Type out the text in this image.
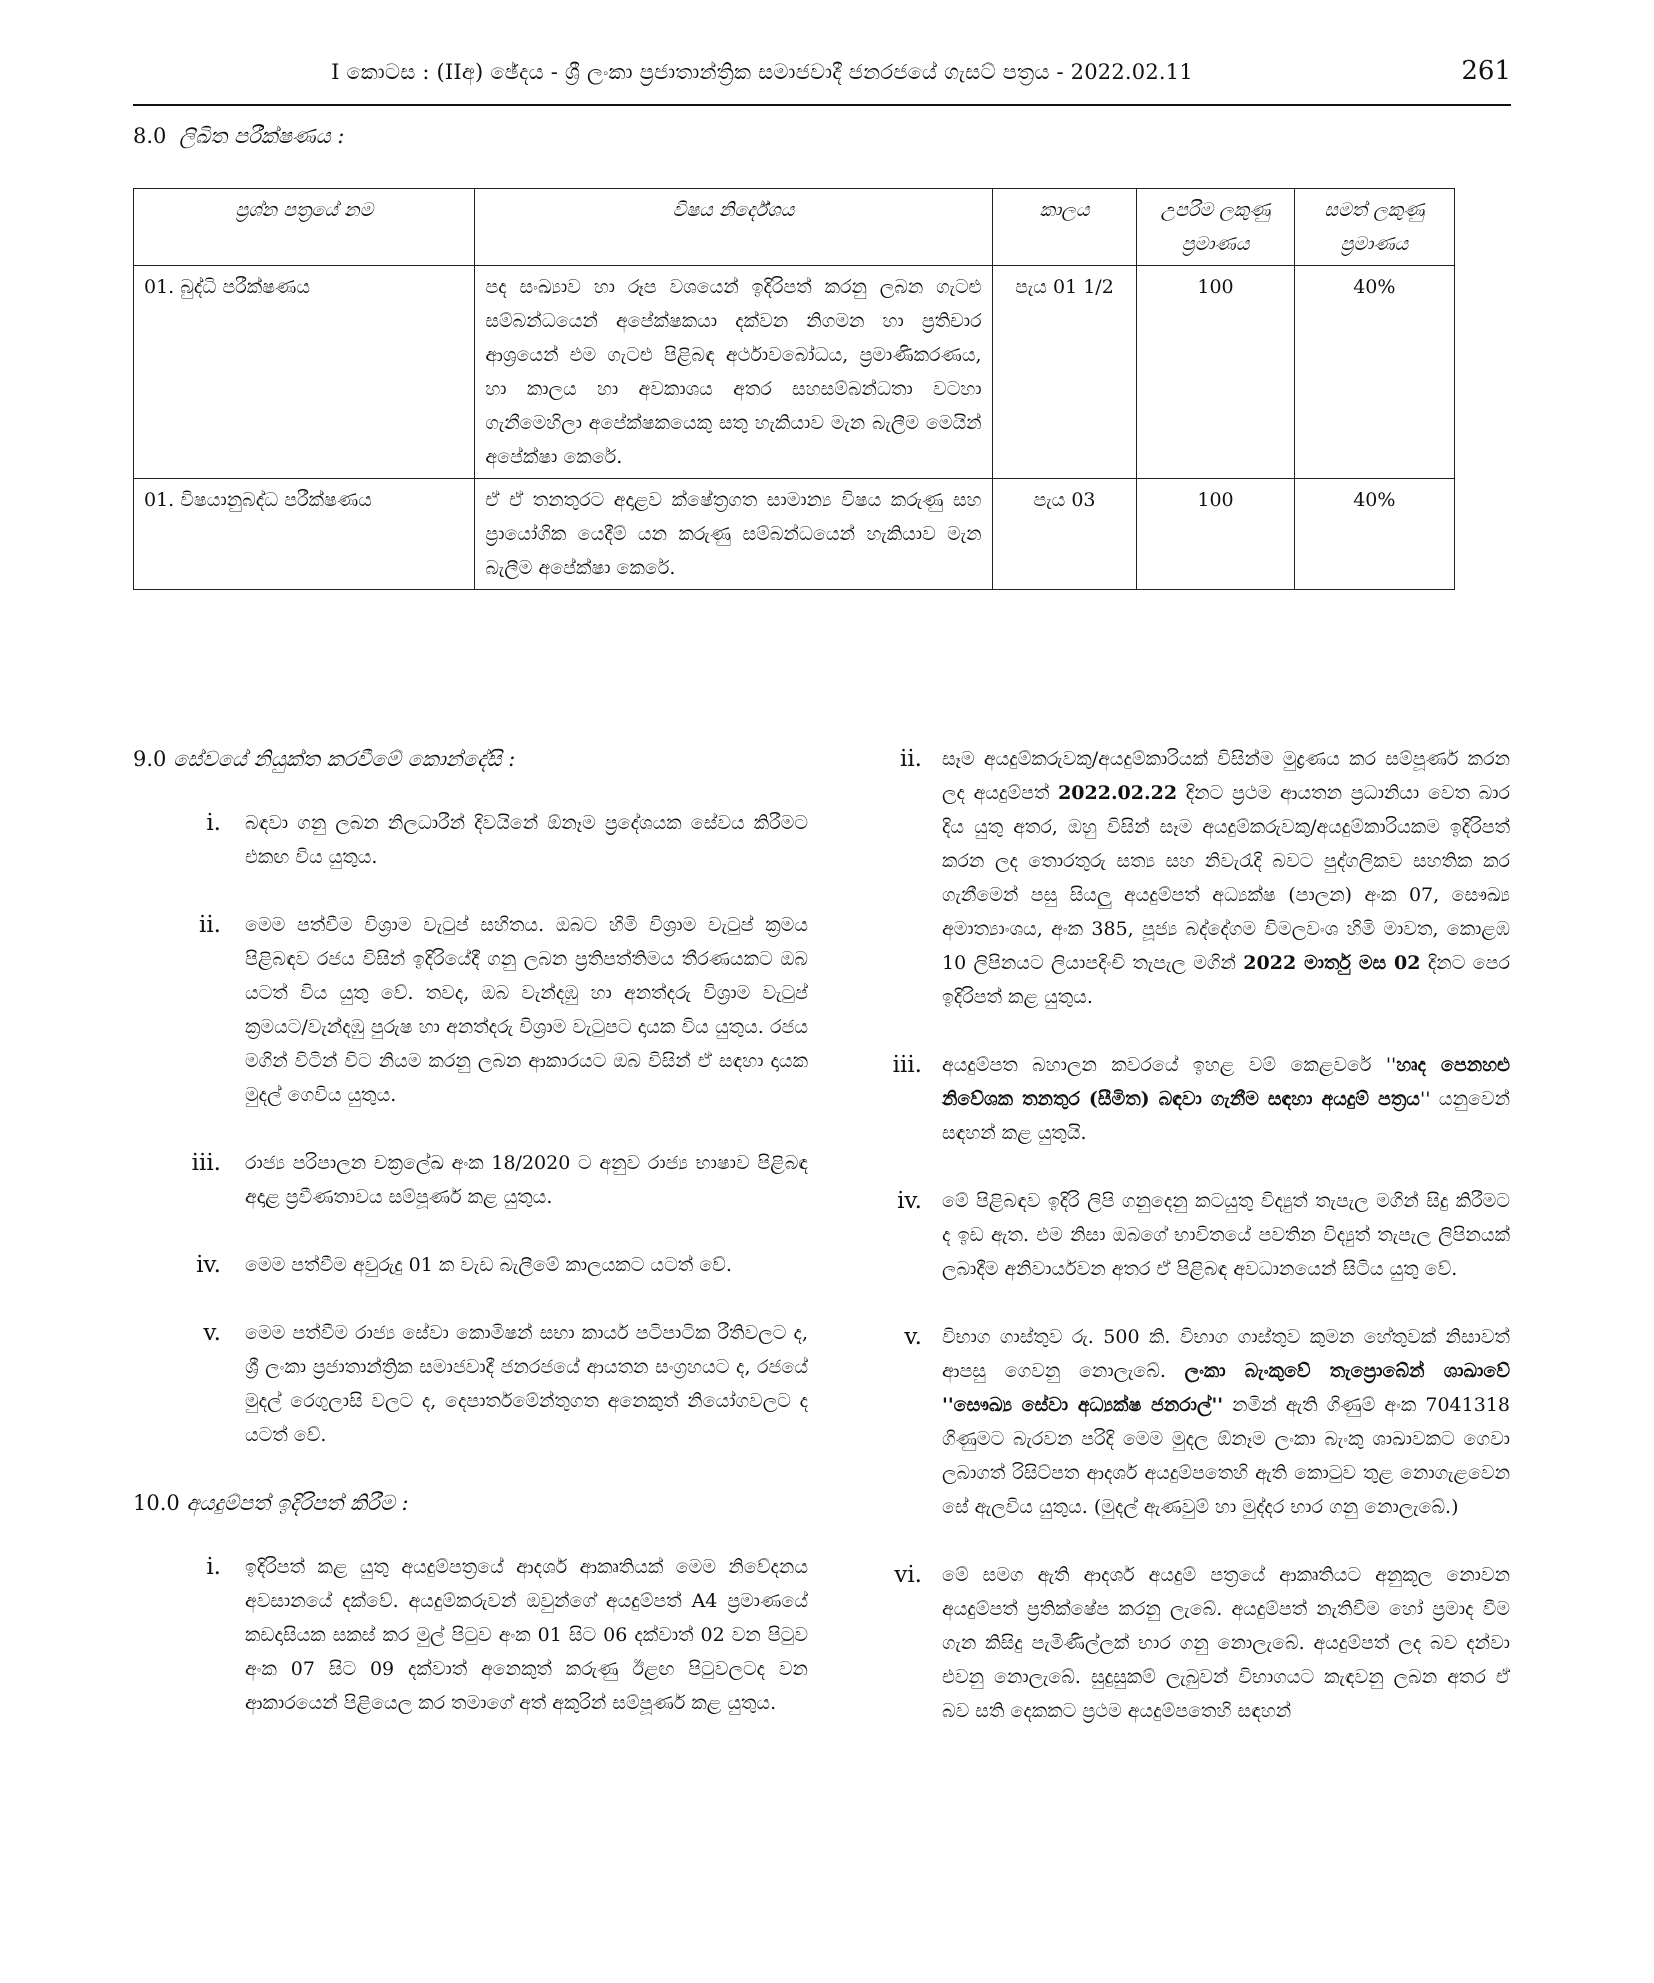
I කොටස : (IIඅ) ඡේදය - ශ්‍රී ලංකා ප්‍රජාතාන්ත්‍රික සමාජවාදී ජනරජයේ ගැසට් පත්‍රය - 2022.02.11	261
8.0 ලිඛිත පරීක්ෂණය :
ප්‍රශ්න පත්‍රයේ නම	විෂය නිර්දේශය	කාලය	උපරිම ලකුණු ප්‍රමාණය	සමත් ලකුණු ප්‍රමාණය
01. බුද්ධි පරීක්ෂණය	පද සංඛ්‍යාව හා රූප වශයෙන් ඉදිරිපත් කරනු ලබන ගැටළු සම්බන්ධයෙන් අපේක්ෂකයා දක්වන නිගමන හා ප්‍රතිචාර ආශ්‍රයෙන් එම ගැටළු පිළිබඳ අර්ථාවබෝධය, ප්‍රමාණිකරණය, හා කාලය හා අවකාශය අතර සහසම්බන්ධතා වටහා ගැනීමෙහිලා අපේක්ෂකයෙකු සතු හැකියාව මැන බැලීම මෙයින් අපේක්ෂා කෙරේ.	පැය 01 1/2	100	40%
01. විෂයානුබද්ධ පරීක්ෂණය	ඒ ඒ තනතුරට අදාළව ක්ෂේත්‍රගත සාමාන්‍ය විෂය කරුණු සහ ප්‍රායෝගික යෙදීම් යන කරුණු සම්බන්ධයෙන් හැකියාව මැන බැලීම අපේක්ෂා කෙරේ.	පැය 03	100	40%
9.0 සේවයේ නියුක්ත කරවීමේ කොන්දේසි :
i. බඳවා ගනු ලබන නිලධාරීන් දිවයිනේ ඕනෑම ප්‍රදේශයක සේවය කිරීමට එකඟ විය යුතුය.
ii. මෙම පත්වීම විශ්‍රාම වැටුප් සහිතය. ඔබට හිමි විශ්‍රාම වැටුප් ක්‍රමය පිළිබඳව රජය විසින් ඉදිරියේදී ගනු ලබන ප්‍රතිපත්තිමය තීරණයකට ඔබ යටත් විය යුතු වේ. තවද, ඔබ වැන්දඹු හා අනත්දරු විශ්‍රාම වැටුප් ක්‍රමයට/වැන්දඹු පුරුෂ හා අනත්දරු විශ්‍රාම වැටුපට දායක විය යුතුය. රජය මගින් විටින් විට නියම කරනු ලබන ආකාරයට ඔබ විසින් ඒ සඳහා දායක මුදල් ගෙවිය යුතුය.
iii. රාජ්‍ය පරිපාලන චක්‍රලේඛ අංක 18/2020 ට අනුව රාජ්‍ය භාෂාව පිළිබඳ අදාළ ප්‍රවීණතාවය සම්පූර්ණ කළ යුතුය.
iv. මෙම පත්වීම අවුරුදු 01 ක වැඩ බැලීමේ කාලයකට යටත් වේ.
v. මෙම පත්වීම රාජ්‍ය සේවා කොමිෂන් සභා කාර්ය පටිපාටික රීතිවලට ද, ශ්‍රී ලංකා ප්‍රජාතාන්ත්‍රික සමාජවාදී ජනරජයේ ආයතන සංග්‍රහයට ද, රජයේ මුදල් රෙගුලාසි වලට ද, දෙපාර්තමේන්තුගත අනෙකුත් නියෝගවලට ද යටත් වේ.
10.0 අයදුම්පත් ඉදිරිපත් කිරීම :
i. ඉදිරිපත් කළ යුතු අයදුම්පත්‍රයේ ආදර්ශ ආකෘතියක් මෙම නිවේදනය අවසානයේ දක්වේ. අයදුම්කරුවන් ඔවුන්ගේ අයදුම්පත් A4 ප්‍රමාණයේ කඩදාසියක සකස් කර මුල් පිටුව අංක 01 සිට 06 දක්වාත් 02 වන පිටුව අංක 07 සිට 09 දක්වාත් අනෙකුත් කරුණු ඊළඟ පිටුවලටද වන ආකාරයෙන් පිළියෙල කර තමාගේ අත් අකුරින් සම්පූර්ණ කළ යුතුය.
ii. සෑම අයදුම්කරුවකු/අයදුම්කාරියක් විසින්ම මුද්‍රණය කර සම්පූර්ණ කරන ලද අයදුම්පත් 2022.02.22 දිනට ප්‍රථම ආයතන ප්‍රධානියා වෙත බාර දිය යුතු අතර, ඔහු විසින් සෑම අයදුම්කරුවකු/අයදුම්කාරියකම ඉදිරිපත් කරන ලද තොරතුරු සත්‍ය සහ නිවැරැදි බවට පුද්ගලිකව සහතික කර ගැනීමෙන් පසු සියලු අයදුම්පත් අධ්‍යක්ෂ (පාලන) අංක 07, සෞඛ්‍ය අමාත්‍යාංශය, අංක 385, පූජ්‍ය බද්දේගම විමලවංශ හිමි මාවත, කොළඹ 10 ලිපිනයට ලියාපදිංචි තැපැල මගින් 2022 මාර්තු මස 02 දිනට පෙර ඉදිරිපත් කළ යුතුය.
iii. අයදුම්පත බහාලන කවරයේ ඉහළ වම් කෙළවරේ ''හෘද පෙනහළු නිවේශක තනතුර (සීමිත) බඳවා ගැනීම සඳහා අයදුම් පත්‍රය'' යනුවෙන් සඳහන් කළ යුතුයි.
iv. මේ පිළිබඳව ඉදිරි ලිපි ගනුදෙනු කටයුතු විද්‍යුත් තැපැල මගින් සිදු කිරීමට ද ඉඩ ඇත. එම නිසා ඔබගේ භාවිතයේ පවතින විද්‍යුත් තැපැල ලිපිනයක් ලබාදීම අනිවාර්යවන අතර ඒ පිළිබඳ අවධානයෙන් සිටිය යුතු වේ.
v. විභාග ගාස්තුව රු. 500 කි. විභාග ගාස්තුව කුමන හේතුවක් නිසාවත් ආපසු ගෙවනු නොලැබේ. ලංකා බැංකුවේ තැප්‍රොබේන් ශාඛාවේ ''සෞඛ්‍ය සේවා අධ්‍යක්ෂ ජනරාල්'' නමින් ඇති ගිණුම් අංක 7041318 ගිණුමට බැරවන පරිදි මෙම මුදල ඕනෑම ලංකා බැංකු ශාඛාවකට ගෙවා ලබාගත් රිසිට්පත ආදර්ශ අයදුම්පතෙහි ඇති කොටුව තුළ නොගැළවෙන සේ ඇලවිය යුතුය. (මුදල් ඇණවුම් හා මුද්දර භාර ගනු නොලැබේ.)
vi. මේ සමග ඇති ආදර්ශ අයදුම් පත්‍රයේ ආකෘතියට අනුකූල නොවන අයදුම්පත් ප්‍රතික්ෂේප කරනු ලැබේ. අයදුම්පත් නැතිවීම හෝ ප්‍රමාද වීම ගැන කිසිදු පැමිණිල්ලක් භාර ගනු නොලැබේ. අයදුම්පත් ලද බව දන්වා එවනු නොලැබේ. සුදුසුකම් ලැබුවන් විභාගයට කැඳවනු ලබන අතර ඒ බව සති දෙකකට ප්‍රථම අයදුම්පතෙහි සඳහන්
